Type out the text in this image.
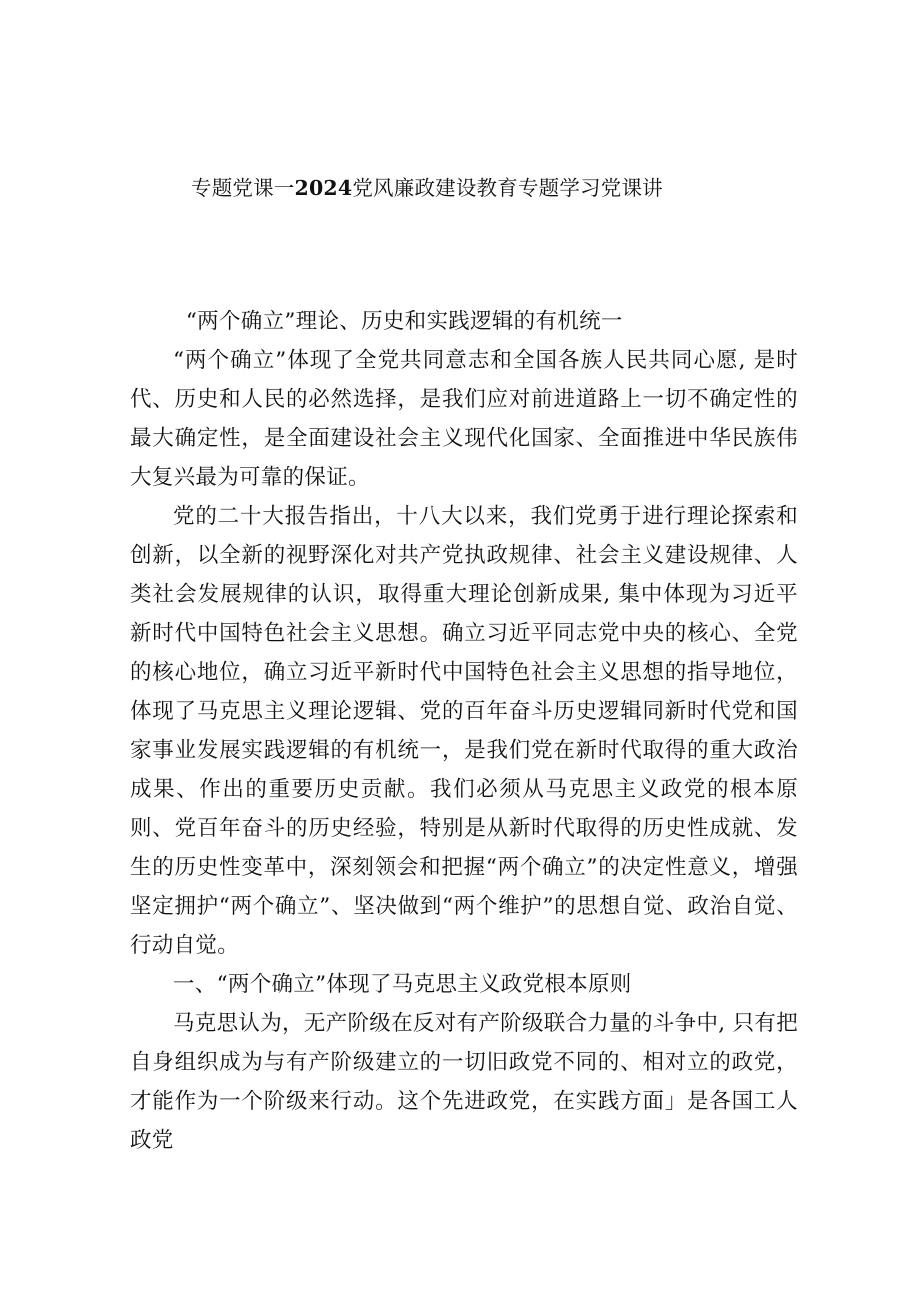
专题党课一2024党风廉政建设教育专题学习党课讲

“两个确立”理论、历史和实践逻辑的有机统一

“两个确立”体现了全党共同意志和全国各族人民共同心愿, 是时代、历史和人民的必然选择，是我们应对前进道路上一切不确定性的最大确定性，是全面建设社会主义现代化国家、全面推进中华民族伟大复兴最为可靠的保证。

党的二十大报告指出，十八大以来，我们党勇于进行理论探索和创新，以全新的视野深化对共产党执政规律、社会主义建设规律、人类社会发展规律的认识，取得重大理论创新成果, 集中体现为习近平新时代中国特色社会主义思想。确立习近平同志党中央的核心、全党的核心地位，确立习近平新时代中国特色社会主义思想的指导地位，体现了马克思主义理论逻辑、党的百年奋斗历史逻辑同新时代党和国家事业发展实践逻辑的有机统一，是我们党在新时代取得的重大政治成果、作出的重要历史贡献。我们必须从马克思主义政党的根本原则、党百年奋斗的历史经验，特别是从新时代取得的历史性成就、发生的历史性变革中，深刻领会和把握“两个确立”的决定性意义，增强坚定拥护“两个确立”、坚决做到“两个维护”的思想自觉、政治自觉、行动自觉。

一、“两个确立”体现了马克思主义政党根本原则

马克思认为，无产阶级在反对有产阶级联合力量的斗争中, 只有把自身组织成为与有产阶级建立的一切旧政党不同的、相对立的政党，才能作为一个阶级来行动。这个先进政党，在实践方面」是各国工人政党
